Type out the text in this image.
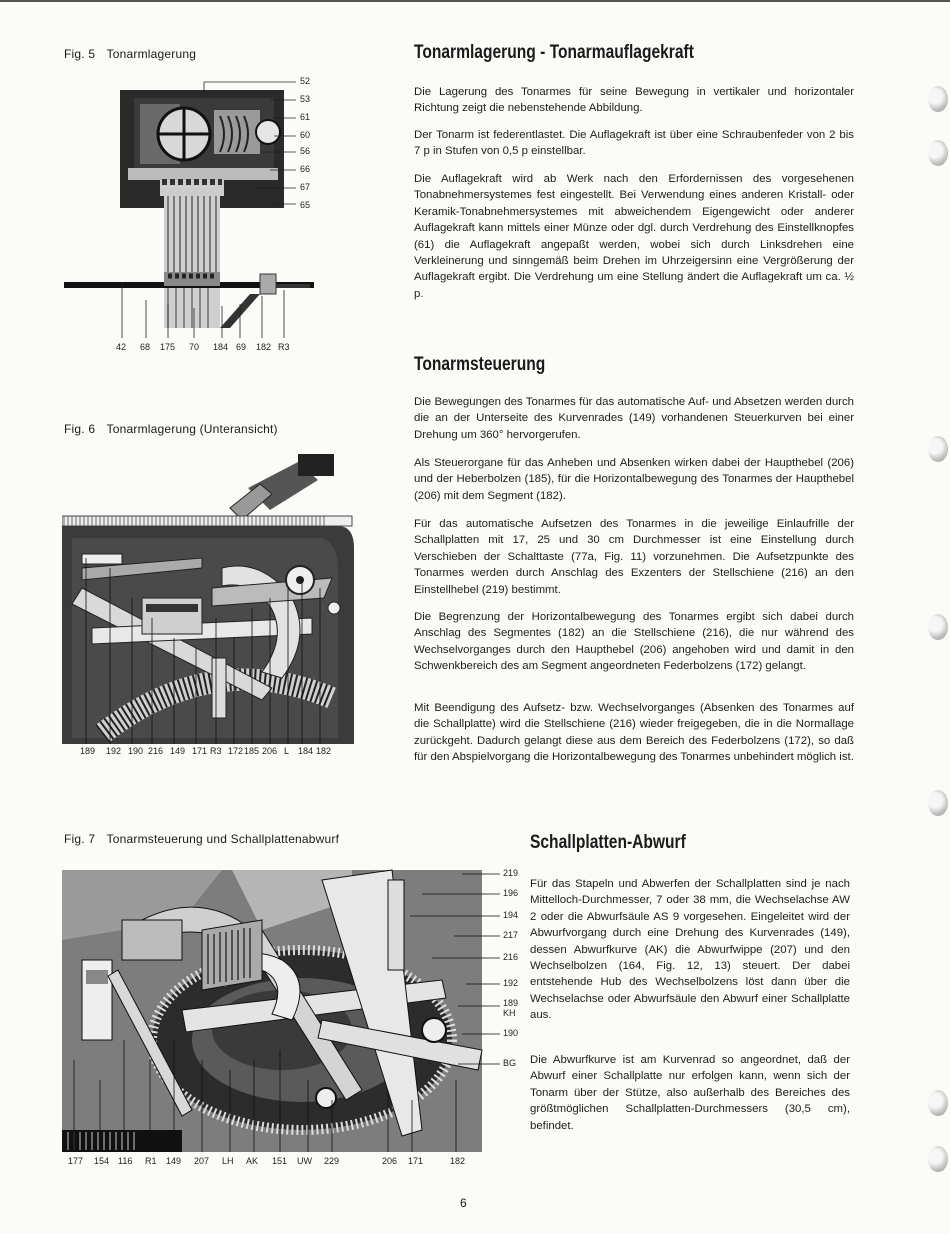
Fig. 5 Tonarmlagerung
52
53
61
60
56
66
67
65
42 68 175 70 184 69 182 R3
Fig. 6 Tonarmlagerung (Unteransicht)
189 192 190 216 149 171 R3 172 185 206 L 184 182
Fig. 7 Tonarmsteuerung und Schallplattenabwurf
219
196
194
217
216
192
189
KH
190
BG
177 154 116 R1 149 207 LH AK 151 UW 229	206 171	182
Tonarmlagerung - Tonarmauflagekraft

Die Lagerung des Tonarmes für seine Bewegung in vertikaler und horizontaler Richtung zeigt die nebenstehende Abbildung.

Der Tonarm ist federentlastet. Die Auflagekraft ist über eine Schraubenfeder von 2 bis 7 p in Stufen von 0,5 p einstellbar.

Die Auflagekraft wird ab Werk nach den Erfordernissen des vorgesehenen Tonabnehmersystemes fest eingestellt. Bei Verwendung eines anderen Kristall- oder Keramik-Tonabnehmersystemes mit abweichendem Eigengewicht oder anderer Auflagekraft kann mittels einer Münze oder dgl. durch Verdrehung des Einstellknopfes (61) die Auflagekraft angepaßt werden, wobei sich durch Linksdrehen eine Verkleinerung und sinngemäß beim Drehen im Uhrzeigersinn eine Vergrößerung der Auflagekraft ergibt. Die Verdrehung um eine Stellung ändert die Auflagekraft um ca. ½ p.

Tonarmsteuerung

Die Bewegungen des Tonarmes für das automatische Auf- und Absetzen werden durch die an der Unterseite des Kurvenrades (149) vorhandenen Steuerkurven bei einer Drehung um 360° hervorgerufen.

Als Steuerorgane für das Anheben und Absenken wirken dabei der Haupthebel (206) und der Heberbolzen (185), für die Horizontalbewegung des Tonarmes der Haupthebel (206) mit dem Segment (182).

Für das automatische Aufsetzen des Tonarmes in die jeweilige Einlaufrille der Schallplatten mit 17, 25 und 30 cm Durchmesser ist eine Einstellung durch Verschieben der Schalttaste (77a, Fig. 11) vorzunehmen. Die Aufsetzpunkte des Tonarmes werden durch Anschlag des Exzenters der Stellschiene (216) an den Einstellhebel (219) bestimmt.

Die Begrenzung der Horizontalbewegung des Tonarmes ergibt sich dabei durch Anschlag des Segmentes (182) an die Stellschiene (216), die nur während des Wechselvorganges durch den Haupthebel (206) angehoben wird und damit in den Schwenkbereich des am Segment angeordneten Federbolzens (172) gelangt.

Mit Beendigung des Aufsetz- bzw. Wechselvorganges (Absenken des Tonarmes auf die Schallplatte) wird die Stellschiene (216) wieder freigegeben, die in die Normallage zurückgeht. Dadurch gelangt diese aus dem Bereich des Federbolzens (172), so daß für den Abspielvorgang die Horizontalbewegung des Tonarmes unbehindert möglich ist.

Schallplatten-Abwurf

Für das Stapeln und Abwerfen der Schallplatten sind je nach Mittelloch-Durchmesser, 7 oder 38 mm, die Wechselachse AW 2 oder die Abwurfsäule AS 9 vorgesehen. Eingeleitet wird der Abwurfvorgang durch eine Drehung des Kurvenrades (149), dessen Abwurfkurve (AK) die Abwurfwippe (207) und den Wechselbolzen (164, Fig. 12, 13) steuert. Der dabei entstehende Hub des Wechselbolzens löst dann über die Wechselachse oder Abwurfsäule den Abwurf einer Schallplatte aus.

Die Abwurfkurve ist am Kurvenrad so angeordnet, daß der Abwurf einer Schallplatte nur erfolgen kann, wenn sich der Tonarm über der Stütze, also außerhalb des Bereiches des größtmöglichen Schallplatten-Durchmessers (30,5 cm), befindet.

6
